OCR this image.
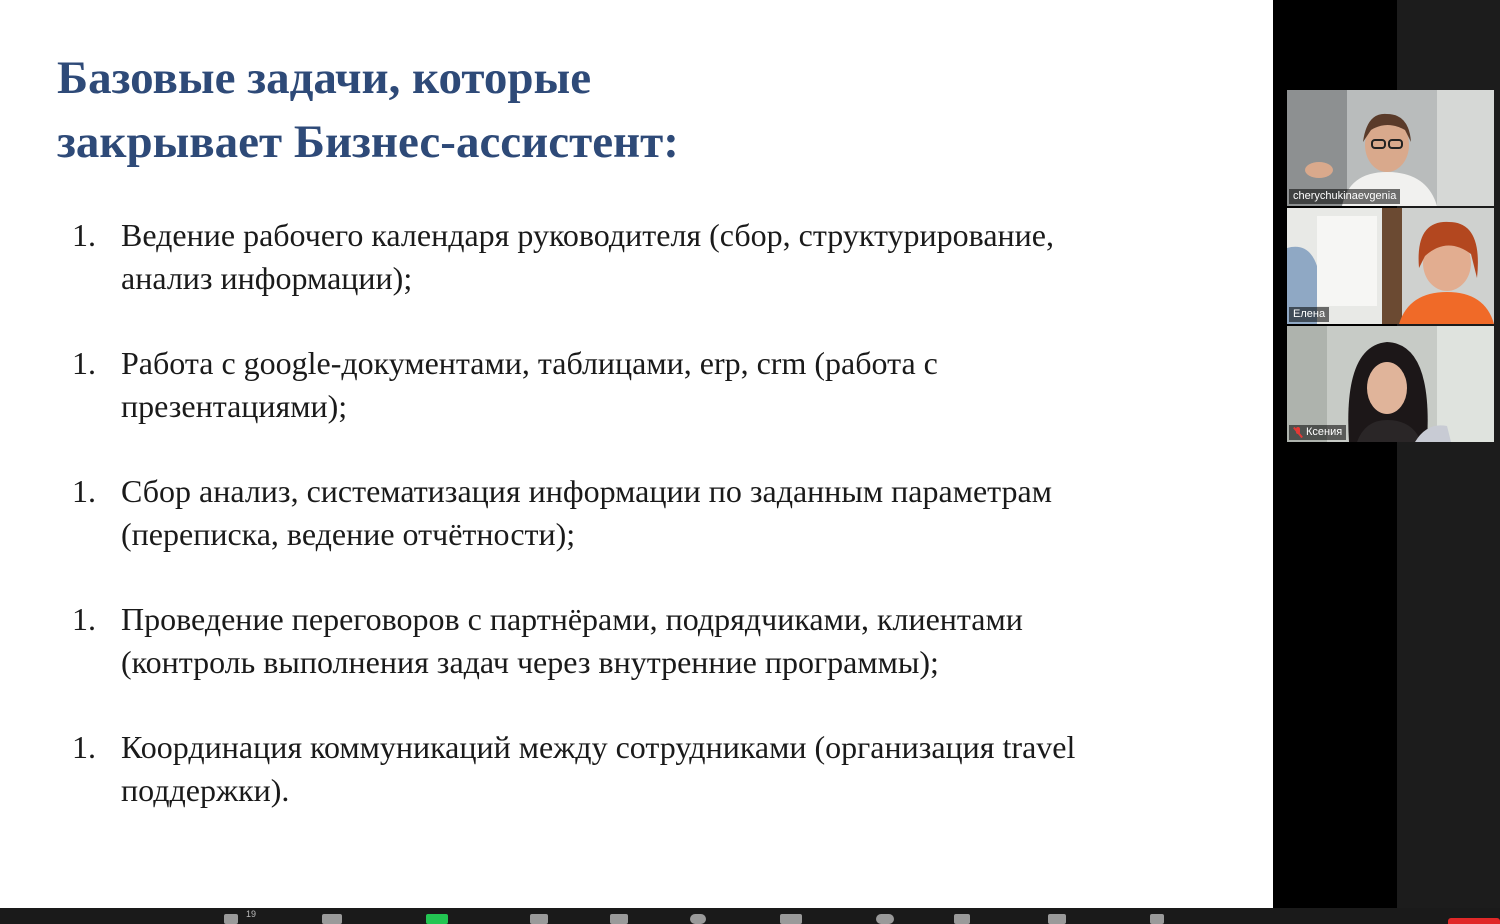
Базовые задачи, которые
закрывает Бизнес-ассистент:
1. Ведение рабочего календаря руководителя (сбор, структурирование,
анализ информации);
1. Работа с google-документами, таблицами, erp, crm (работа с
презентациями);
1. Сбор анализ, систематизация информации по заданным параметрам
(переписка, ведение отчётности);
1. Проведение переговоров с партнёрами, подрядчиками, клиентами
(контроль выполнения задач через внутренние программы);
1. Координация коммуникаций между сотрудниками (организация travel
поддержки).
cherychukinaevgenia
Елена
Ксения
19
